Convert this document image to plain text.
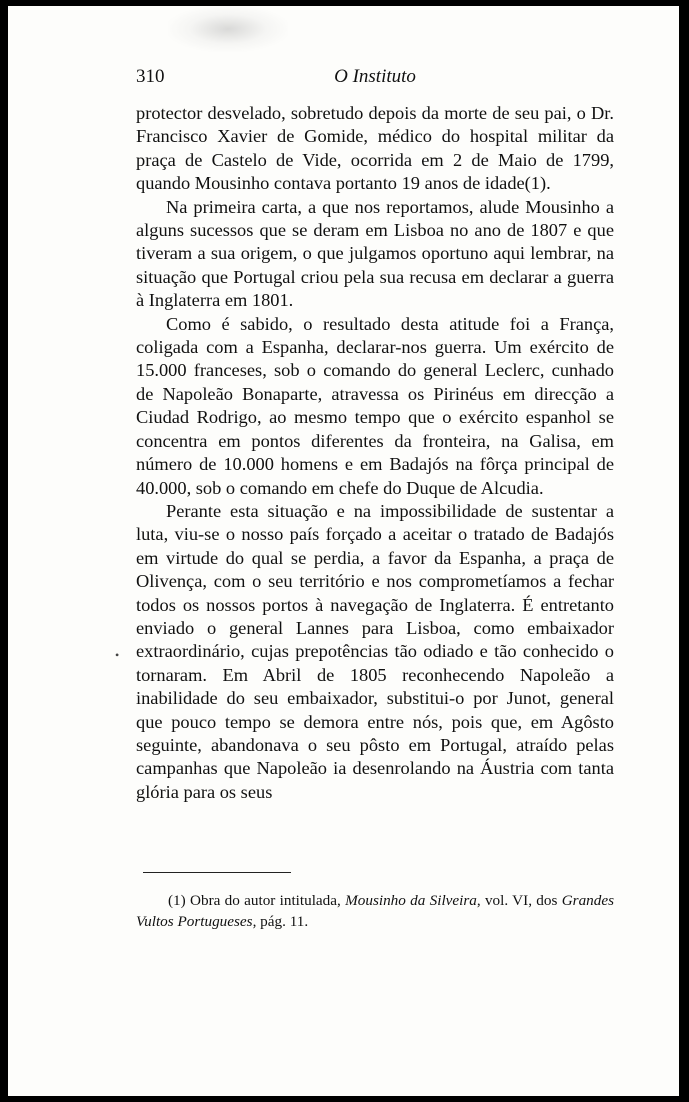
310	O Instituto

protector desvelado, sobretudo depois da morte de seu pai, o Dr. Francisco Xavier de Gomide, médico do hospital militar da praça de Castelo de Vide, ocorrida em 2 de Maio de 1799, quando Mousinho contava portanto 19 anos de idade(1).

Na primeira carta, a que nos reportamos, alude Mousinho a alguns sucessos que se deram em Lisboa no ano de 1807 e que tiveram a sua origem, o que julgamos oportuno aqui lembrar, na situação que Portugal criou pela sua recusa em declarar a guerra à Inglaterra em 1801.

Como é sabido, o resultado desta atitude foi a França, coligada com a Espanha, declarar-nos guerra. Um exército de 15.000 franceses, sob o comando do general Leclerc, cunhado de Napoleão Bonaparte, atravessa os Pirinéus em direcção a Ciudad Rodrigo, ao mesmo tempo que o exército espanhol se concentra em pontos diferentes da fronteira, na Galisa, em número de 10.000 homens e em Badajós na fôrça principal de 40.000, sob o comando em chefe do Duque de Alcudia.

Perante esta situação e na impossibilidade de sustentar a luta, viu-se o nosso país forçado a aceitar o tratado de Badajós em virtude do qual se perdia, a favor da Espanha, a praça de Olivença, com o seu território e nos comprometíamos a fechar todos os nossos portos à navegação de Inglaterra. É entretanto enviado o general Lannes para Lisboa, como embaixador extraordinário, cujas prepotências tão odiado e tão conhecido o tornaram. Em Abril de 1805 reconhecendo Napoleão a inabilidade do seu embaixador, substitui-o por Junot, general que pouco tempo se demora entre nós, pois que, em Agôsto seguinte, abandonava o seu pôsto em Portugal, atraído pelas campanhas que Napoleão ia desenrolando na Áustria com tanta glória para os seus

•
(1) Obra do autor intitulada, Mousinho da Silveira, vol. VI, dos Grandes Vultos Portugueses, pág. 11.
